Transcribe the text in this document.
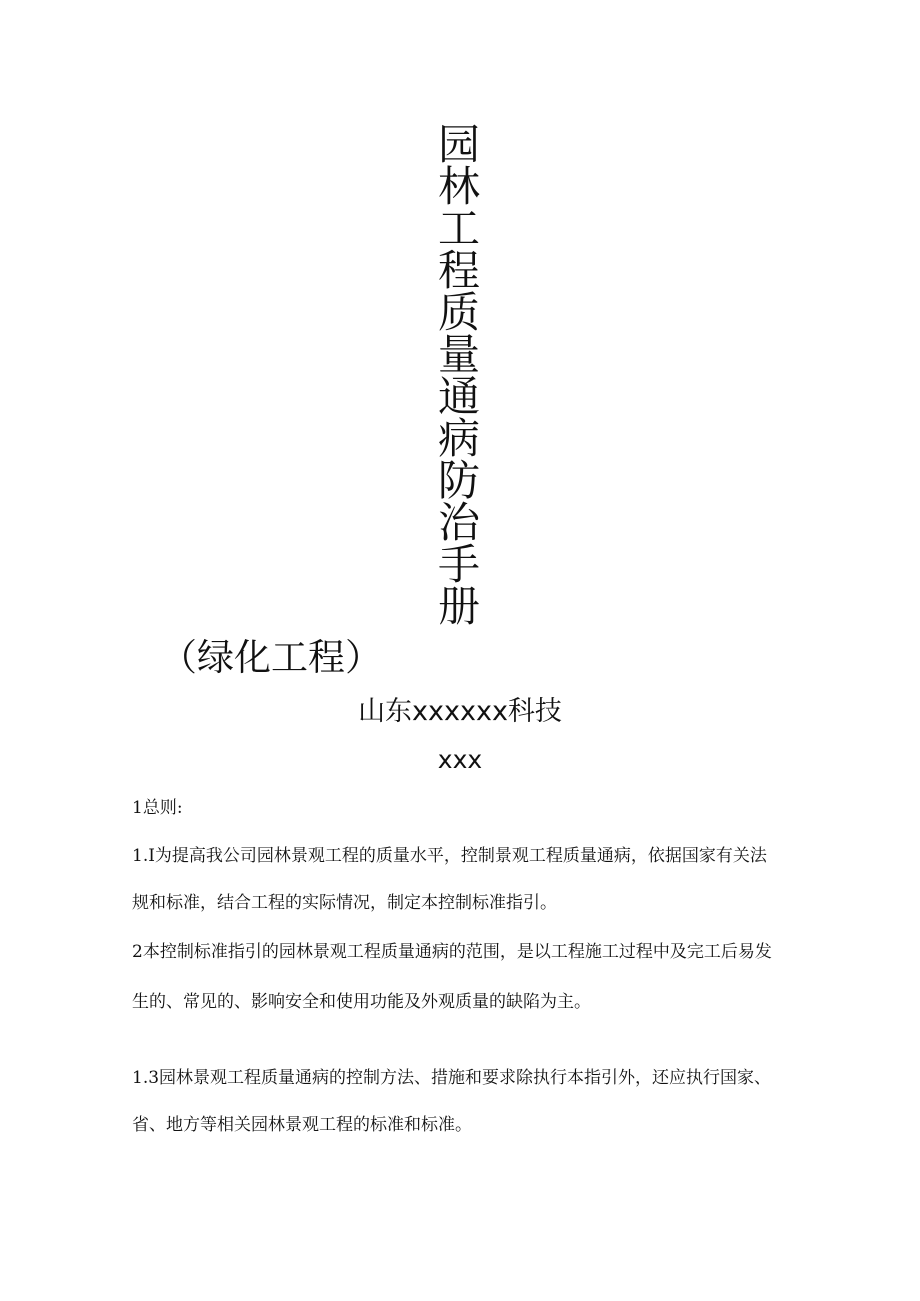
园林工程质量通病防治手册
（绿化工程）
山东xxxxxx科技
xxx
1总则:
1.I为提高我公司园林景观工程的质量水平，控制景观工程质量通病，依据国家有关法
规和标准，结合工程的实际情况，制定本控制标准指引。
2本控制标准指引的园林景观工程质量通病的范围，是以工程施工过程中及完工后易发
生的、常见的、影响安全和使用功能及外观质量的缺陷为主。
1.3园林景观工程质量通病的控制方法、措施和要求除执行本指引外，还应执行国家、
省、地方等相关园林景观工程的标准和标准。
